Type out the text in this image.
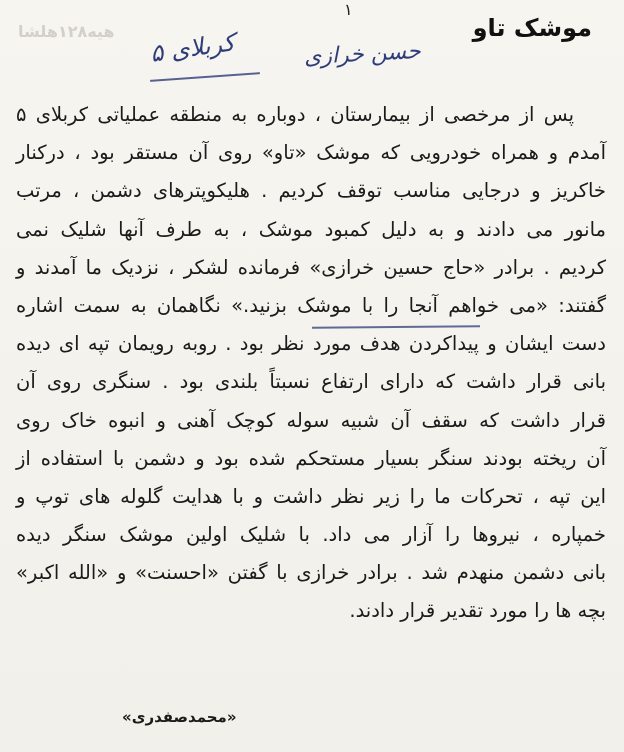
هیه۱۲۸هلشا
١
موشک تاو
حسن خرازی
کربلای ۵
پس از مرخصی از بیمارستان ، دوباره به منطقه عملیاتی کربلای ۵
آمدم و همراه خودرویی که موشک «تاو» روی آن مستقر بود ، درکنار
خاکریز و درجایی مناسب توقف کردیم . هلیکوپترهای دشمن ، مرتب
مانور می دادند و به دلیل کمبود موشک ، به طرف آنها شلیک نمی
کردیم . برادر «حاج حسین خرازی» فرمانده لشکر ، نزدیک ما آمدند و
گفتند: «می خواهم آنجا را با موشک بزنید.» نگاهمان به سمت اشاره
دست ایشان و پیداکردن هدف مورد نظر بود . روبه رویمان تپه ای دیده
بانی قرار داشت که دارای ارتفاع نسبتاً بلندی بود . سنگری روی آن
قرار داشت که سقف آن شبیه سوله کوچک آهنی و انبوه خاک روی
آن ریخته بودند سنگر بسیار مستحکم شده بود و دشمن با استفاده از
این تپه ، تحرکات ما را زیر نظر داشت و با هدایت گلوله های توپ و
خمپاره ، نیروها را آزار می داد. با شلیک اولین موشک سنگر دیده
بانی دشمن منهدم شد . برادر خرازی با گفتن «احسنت» و «الله اکبر»
بچه ها را مورد تقدیر قرار دادند.
«محمدصفدری»
